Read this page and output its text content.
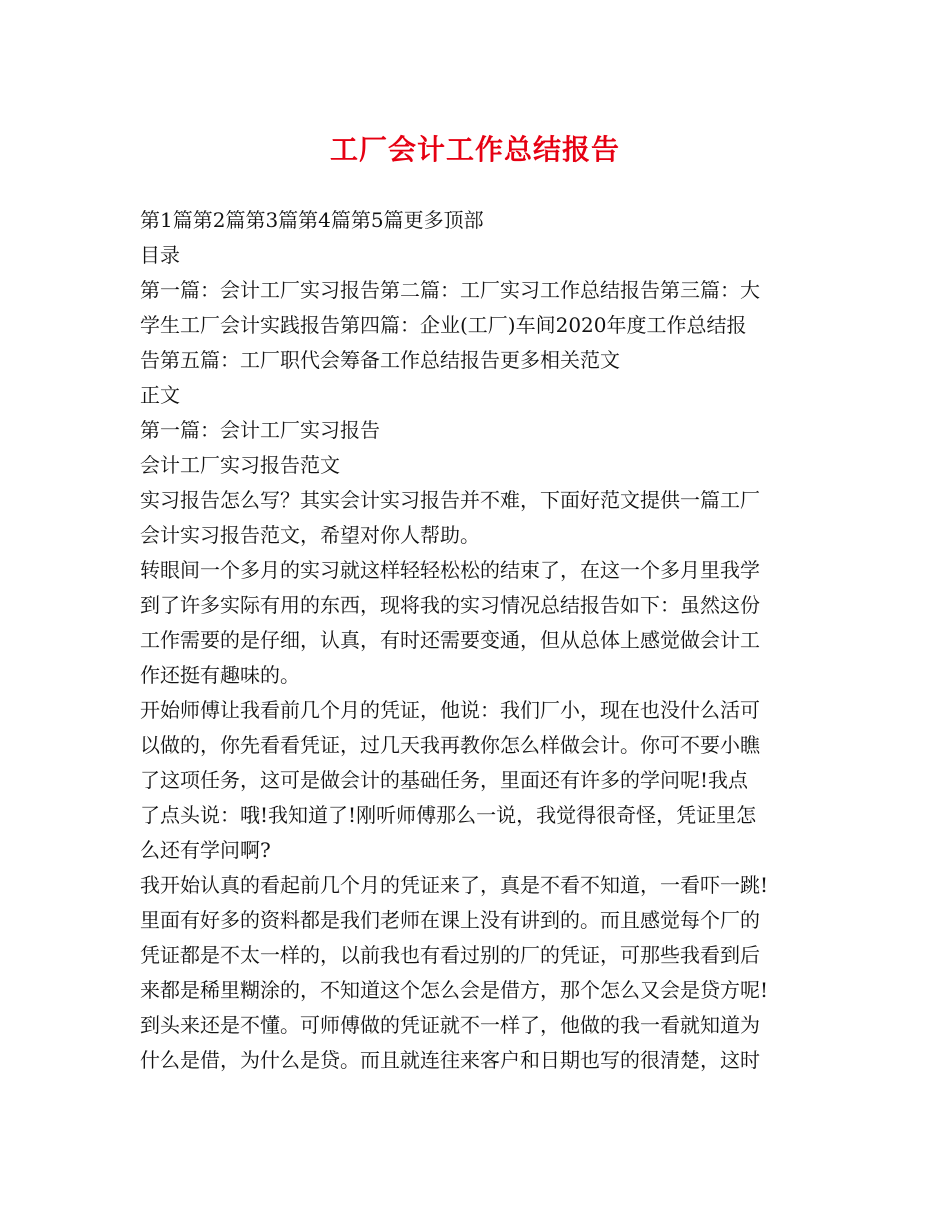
工厂会计工作总结报告
第1篇第2篇第3篇第4篇第5篇更多顶部
目录
第一篇：会计工厂实习报告第二篇：工厂实习工作总结报告第三篇：大
学生工厂会计实践报告第四篇：企业(工厂)车间2020年度工作总结报
告第五篇：工厂职代会筹备工作总结报告更多相关范文
正文
第一篇：会计工厂实习报告
会计工厂实习报告范文
实习报告怎么写？其实会计实习报告并不难，下面好范文提供一篇工厂
会计实习报告范文，希望对你人帮助。
转眼间一个多月的实习就这样轻轻松松的结束了，在这一个多月里我学
到了许多实际有用的东西，现将我的实习情况总结报告如下：虽然这份
工作需要的是仔细，认真，有时还需要变通，但从总体上感觉做会计工
作还挺有趣味的。
开始师傅让我看前几个月的凭证，他说：我们厂小，现在也没什么活可
以做的，你先看看凭证，过几天我再教你怎么样做会计。你可不要小瞧
了这项任务，这可是做会计的基础任务，里面还有许多的学问呢!我点
了点头说：哦!我知道了!刚听师傅那么一说，我觉得很奇怪，凭证里怎
么还有学问啊?
我开始认真的看起前几个月的凭证来了，真是不看不知道，一看吓一跳!
里面有好多的资料都是我们老师在课上没有讲到的。而且感觉每个厂的
凭证都是不太一样的，以前我也有看过别的厂的凭证，可那些我看到后
来都是稀里糊涂的，不知道这个怎么会是借方，那个怎么又会是贷方呢!
到头来还是不懂。可师傅做的凭证就不一样了，他做的我一看就知道为
什么是借，为什么是贷。而且就连往来客户和日期也写的很清楚，这时
